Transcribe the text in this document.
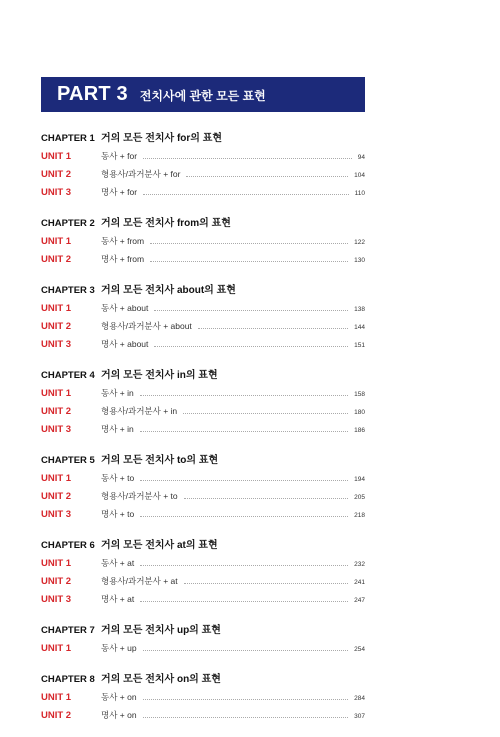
PART 3 전치사에 관한 모든 표현
CHAPTER 1 거의 모든 전치사 for의 표현
UNIT 1	동사 + for	94
UNIT 2	형용사/과거분사 + for	104
UNIT 3	명사 + for	110
CHAPTER 2 거의 모든 전치사 from의 표현
UNIT 1	동사 + from	122
UNIT 2	명사 + from	130
CHAPTER 3 거의 모든 전치사 about의 표현
UNIT 1	동사 + about	138
UNIT 2	형용사/과거분사 + about	144
UNIT 3	명사 + about	151
CHAPTER 4 거의 모든 전치사 in의 표현
UNIT 1	동사 + in	158
UNIT 2	형용사/과거분사 + in	180
UNIT 3	명사 + in	186
CHAPTER 5 거의 모든 전치사 to의 표현
UNIT 1	동사 + to	194
UNIT 2	형용사/과거분사 + to	205
UNIT 3	명사 + to	218
CHAPTER 6 거의 모든 전치사 at의 표현
UNIT 1	동사 + at	232
UNIT 2	형용사/과거분사 + at	241
UNIT 3	명사 + at	247
CHAPTER 7 거의 모든 전치사 up의 표현
UNIT 1	동사 + up	254
CHAPTER 8 거의 모든 전치사 on의 표현
UNIT 1	동사 + on	284
UNIT 2	명사 + on	307
